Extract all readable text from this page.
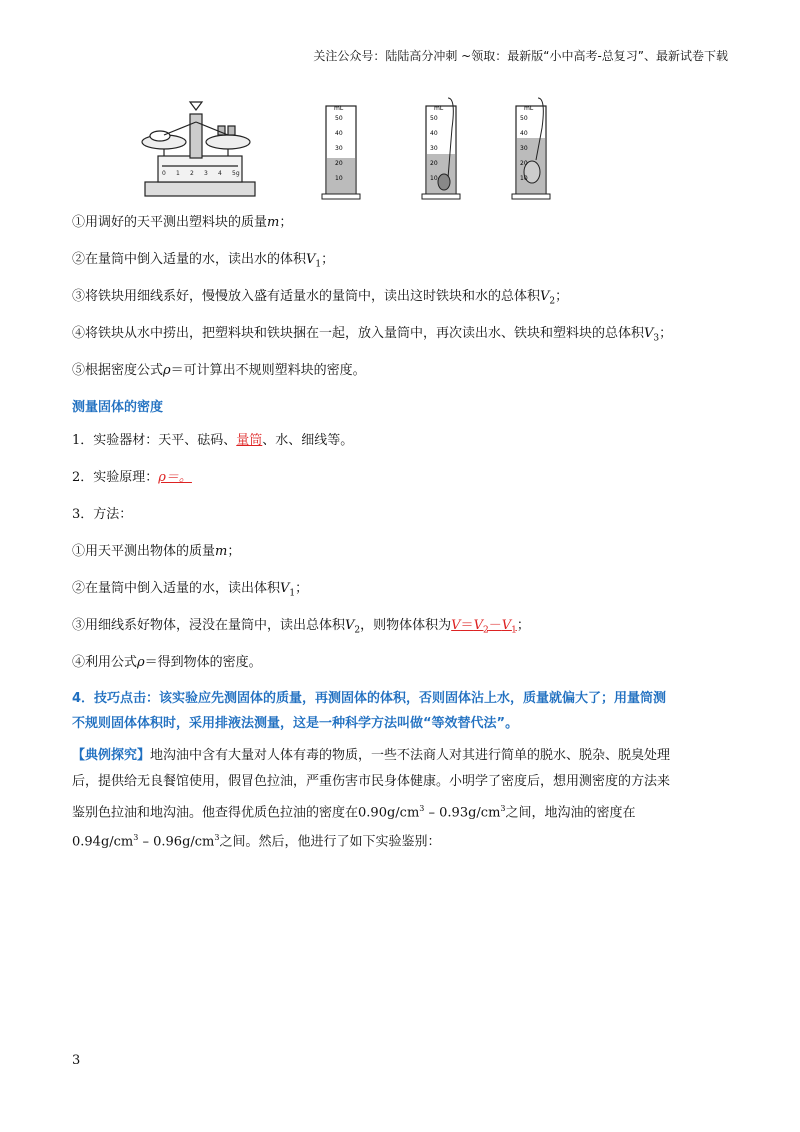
关注公众号：陆陆高分冲刺 ~领取：最新版“小中高考-总复习”、最新试卷下载
0 1 2 3 4 5g
mL
50
40
30
20
10
mL
50
40
30
20
10
mL
50
40
30
20
10
①用调好的天平测出塑料块的质量m；
②在量筒中倒入适量的水，读出水的体积$V_1$；
③将铁块用细线系好，慢慢放入盛有适量水的量筒中，读出这时铁块和水的总体积$V_2$；
④将铁块从水中捞出，把塑料块和铁块捆在一起，放入量筒中，再次读出水、铁块和塑料块的总体积$V_3$；
⑤根据密度公式ρ＝可计算出不规则塑料块的密度。
测量固体的密度
1．实验器材：天平、砝码、量筒、水、细线等。
2．实验原理：ρ＝。
3．方法：
①用天平测出物体的质量m；
②在量筒中倒入适量的水，读出体积$V_1$；
③用细线系好物体，浸没在量筒中，读出总体积$V_2$，则物体体积为$V=V_2-V_1$；
④利用公式ρ＝得到物体的密度。
4．技巧点击：该实验应先测固体的质量，再测固体的体积，否则固体沾上水，质量就偏大了；用量筒测
不规则固体体积时，采用排液法测量，这是一种科学方法叫做“等效替代法”。
【典例探究】地沟油中含有大量对人体有毒的物质，一些不法商人对其进行简单的脱水、脱杂、脱臭处理
后，提供给无良餐馆使用，假冒色拉油，严重伤害市民身体健康。小明学了密度后，想用测密度的方法来
鉴别色拉油和地沟油。他查得优质色拉油的密度在$0.90g/cm^3 - 0.93g/cm^3$之间，地沟油的密度在
$0.94g/cm^3 - 0.96g/cm^3$之间。然后，他进行了如下实验鉴别：
3
